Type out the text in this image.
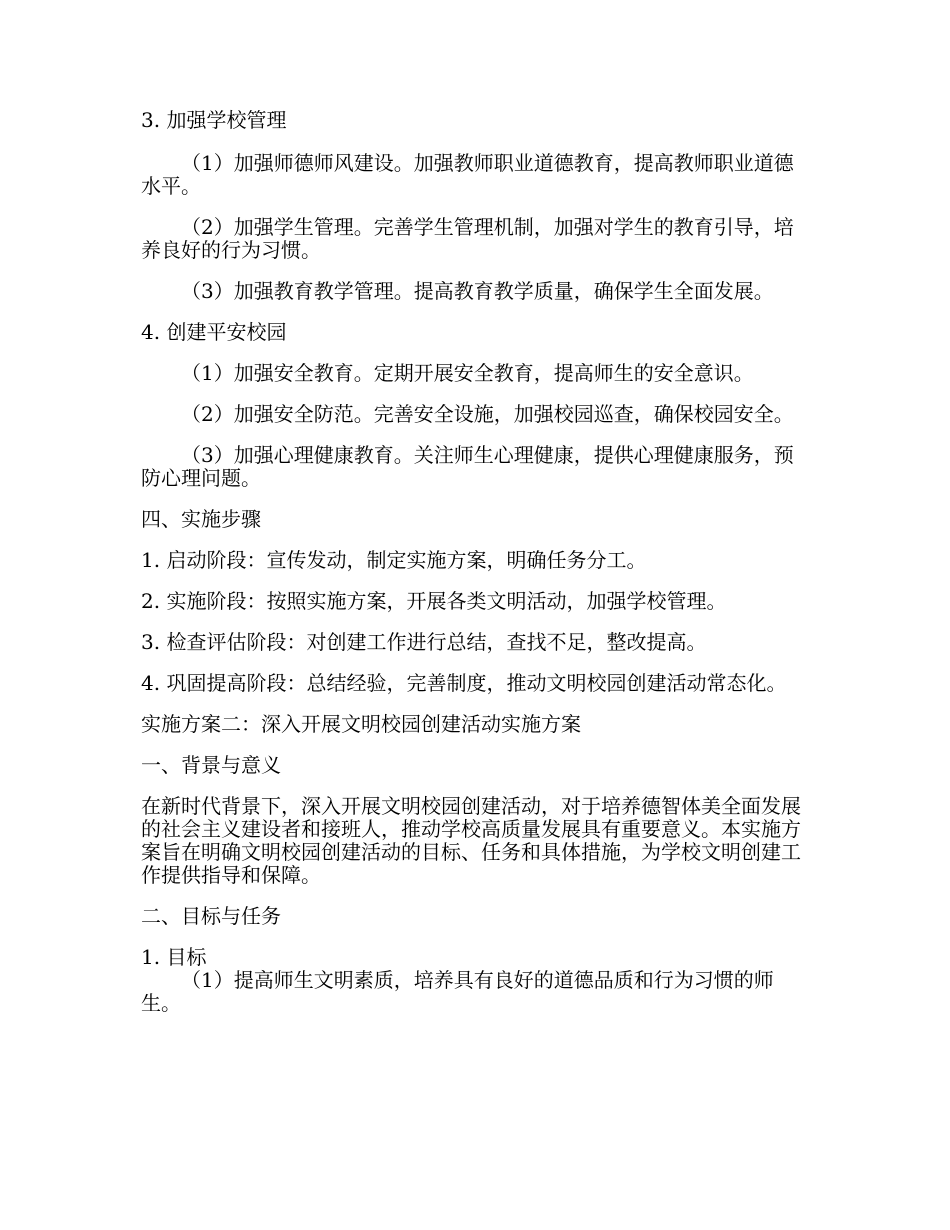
3. 加强学校管理

（1）加强师德师风建设。加强教师职业道德教育，提高教师职业道德水平。

（2）加强学生管理。完善学生管理机制，加强对学生的教育引导，培养良好的行为习惯。

（3）加强教育教学管理。提高教育教学质量，确保学生全面发展。

4. 创建平安校园

（1）加强安全教育。定期开展安全教育，提高师生的安全意识。

（2）加强安全防范。完善安全设施，加强校园巡查，确保校园安全。

（3）加强心理健康教育。关注师生心理健康，提供心理健康服务，预防心理问题。

四、实施步骤

1. 启动阶段：宣传发动，制定实施方案，明确任务分工。

2. 实施阶段：按照实施方案，开展各类文明活动，加强学校管理。

3. 检查评估阶段：对创建工作进行总结，查找不足，整改提高。

4. 巩固提高阶段：总结经验，完善制度，推动文明校园创建活动常态化。

实施方案二：深入开展文明校园创建活动实施方案

一、背景与意义

在新时代背景下，深入开展文明校园创建活动，对于培养德智体美全面发展的社会主义建设者和接班人，推动学校高质量发展具有重要意义。本实施方案旨在明确文明校园创建活动的目标、任务和具体措施，为学校文明创建工作提供指导和保障。

二、目标与任务

1. 目标

（1）提高师生文明素质，培养具有良好的道德品质和行为习惯的师生。
